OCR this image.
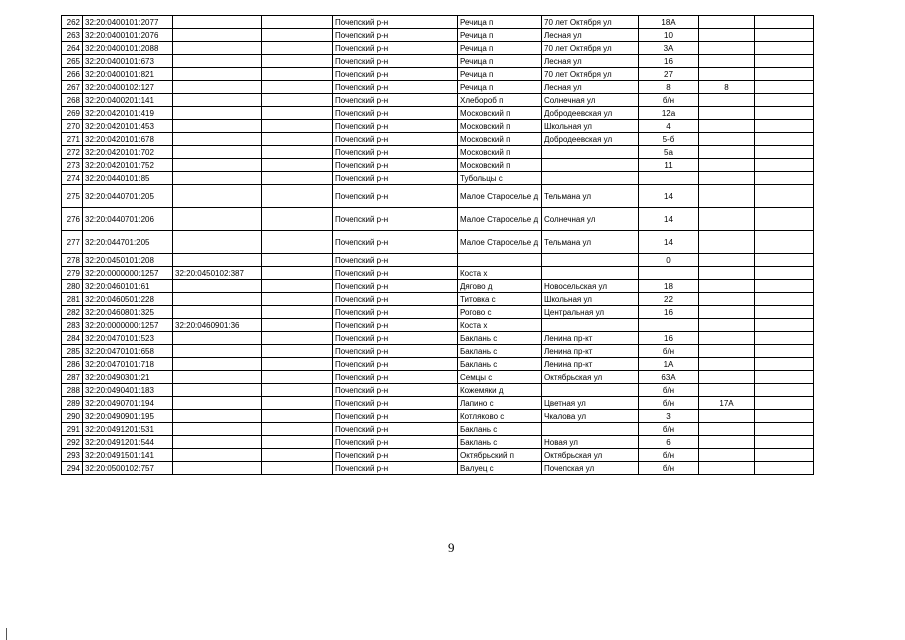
262	32:20:0400101:2077			Почепский р-н	Речица п	70 лет Октября ул	18А		
263	32:20:0400101:2076			Почепский р-н	Речица п	Лесная ул	10		
264	32:20:0400101:2088			Почепский р-н	Речица п	70 лет Октября ул	3А		
265	32:20:0400101:673			Почепский р-н	Речица п	Лесная ул	16		
266	32:20:0400101:821			Почепский р-н	Речица п	70 лет Октября ул	27		
267	32:20:0400102:127			Почепский р-н	Речица п	Лесная ул	8	8	
268	32:20:0400201:141			Почепский р-н	Хлебороб п	Солнечная ул	б/н		
269	32:20:0420101:419			Почепский р-н	Московский п	Добродеевская ул	12а		
270	32:20:0420101:453			Почепский р-н	Московский п	Школьная ул	4		
271	32:20:0420101:678			Почепский р-н	Московский п	Добродеевская ул	5-б		
272	32:20:0420101:702			Почепский р-н	Московский п		5а		
273	32:20:0420101:752			Почепский р-н	Московский п		11		
274	32:20:0440101:85			Почепский р-н	Тубольцы с				
275	32:20:0440701:205			Почепский р-н	Малое Староселье д	Тельмана ул	14		
276	32:20:0440701:206			Почепский р-н	Малое Староселье д	Солнечная ул	14		
277	32:20:044701:205			Почепский р-н	Малое Староселье д	Тельмана ул	14		
278	32:20:0450101:208			Почепский р-н			0		
279	32:20:0000000:1257	32:20:0450102:387		Почепский р-н	Коста х				
280	32:20:0460101:61			Почепский р-н	Дягово д	Новосельская ул	18		
281	32:20:0460501:228			Почепский р-н	Титовка с	Школьная ул	22		
282	32:20:0460801:325			Почепский р-н	Рогово с	Центральная ул	16		
283	32:20:0000000:1257	32:20:0460901:36		Почепский р-н	Коста х				
284	32:20:0470101:523			Почепский р-н	Баклань с	Ленина пр-кт	16		
285	32:20:0470101:658			Почепский р-н	Баклань с	Ленина пр-кт	б/н		
286	32:20:0470101:718			Почепский р-н	Баклань с	Ленина пр-кт	1А		
287	32:20:0490301:21			Почепский р-н	Семцы с	Октябрьская ул	63А		
288	32:20:0490401:183			Почепский р-н	Кожемяки д		б/н		
289	32:20:0490701:194			Почепский р-н	Лапино с	Цветная ул	б/н	17А	
290	32:20:0490901:195			Почепский р-н	Котляково с	Чкалова ул	3		
291	32:20:0491201:531			Почепский р-н	Баклань с		б/н		
292	32:20:0491201:544			Почепский р-н	Баклань с	Новая ул	6		
293	32:20:0491501:141			Почепский р-н	Октябрьский п	Октябрьская ул	б/н		
294	32:20:0500102:757			Почепский р-н	Валуец с	Почепская ул	б/н		
9
